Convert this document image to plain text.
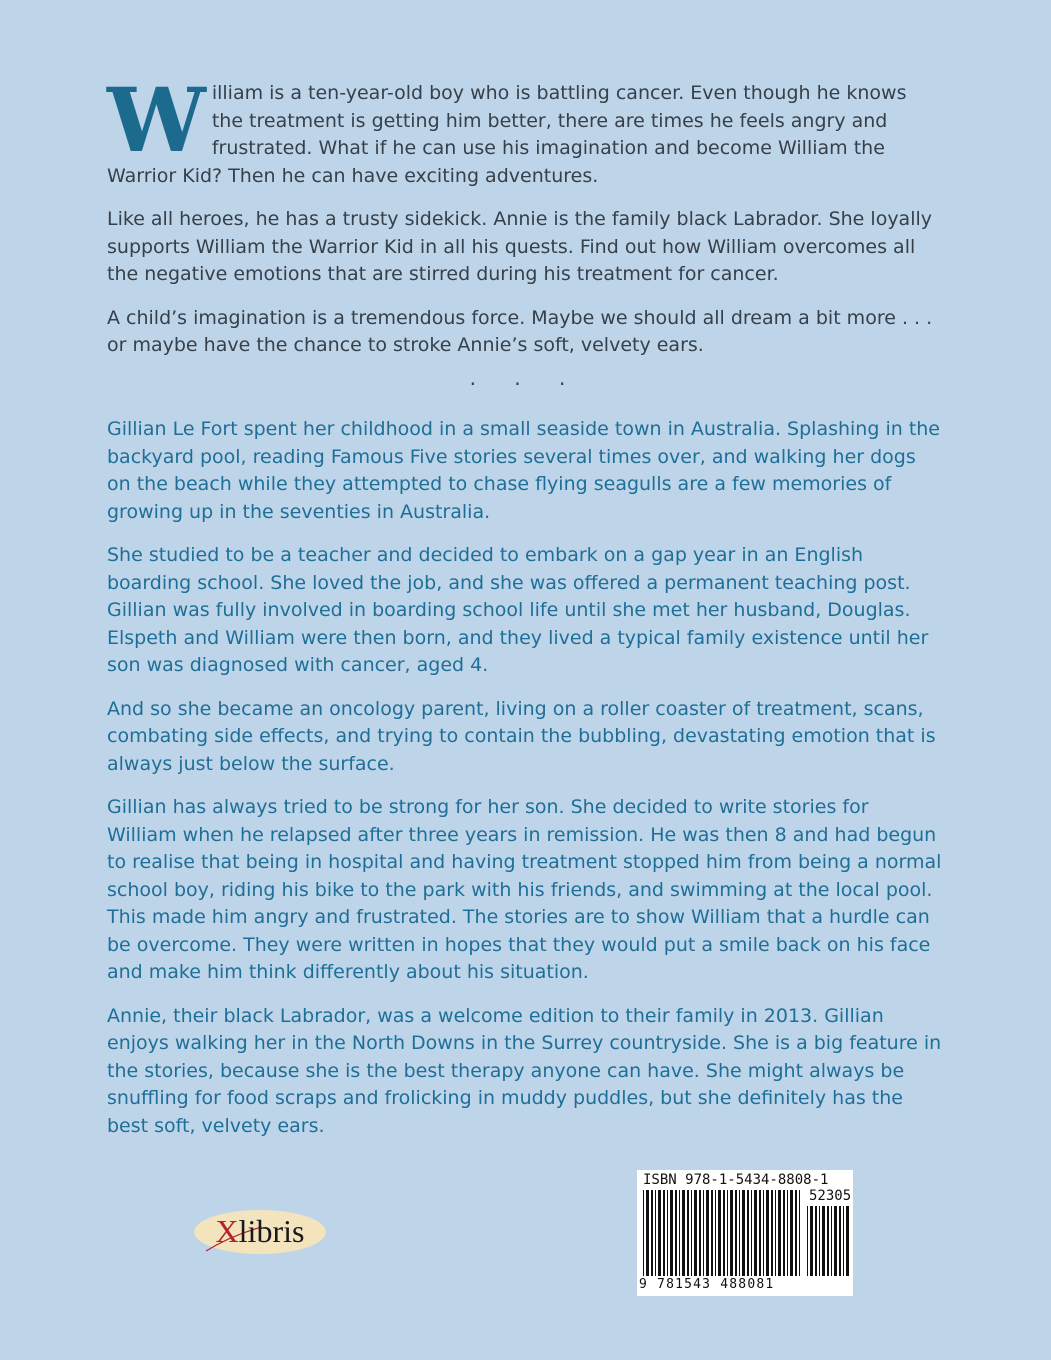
William is a ten-year-old boy who is battling cancer. Even though he knows the treatment is getting him better, there are times he feels angry and frustrated. What if he can use his imagination and become William the Warrior Kid? Then he can have exciting adventures.

Like all heroes, he has a trusty sidekick. Annie is the family black Labrador. She loyally supports William the Warrior Kid in all his quests. Find out how William overcomes all the negative emotions that are stirred during his treatment for cancer.

A child’s imagination is a tremendous force. Maybe we should all dream a bit more . . . or maybe have the chance to stroke Annie’s soft, velvety ears.

. . .

Gillian Le Fort spent her childhood in a small seaside town in Australia. Splashing in the backyard pool, reading Famous Five stories several times over, and walking her dogs on the beach while they attempted to chase flying seagulls are a few memories of growing up in the seventies in Australia.

She studied to be a teacher and decided to embark on a gap year in an English boarding school. She loved the job, and she was offered a permanent teaching post. Gillian was fully involved in boarding school life until she met her husband, Douglas. Elspeth and William were then born, and they lived a typical family existence until her son was diagnosed with cancer, aged 4.

And so she became an oncology parent, living on a roller coaster of treatment, scans, combating side effects, and trying to contain the bubbling, devastating emotion that is always just below the surface.

Gillian has always tried to be strong for her son. She decided to write stories for William when he relapsed after three years in remission. He was then 8 and had begun to realise that being in hospital and having treatment stopped him from being a normal school boy, riding his bike to the park with his friends, and swimming at the local pool. This made him angry and frustrated. The stories are to show William that a hurdle can be overcome. They were written in hopes that they would put a smile back on his face and make him think differently about his situation.

Annie, their black Labrador, was a welcome edition to their family in 2013. Gillian enjoys walking her in the North Downs in the Surrey countryside. She is a big feature in the stories, because she is the best therapy anyone can have. She might always be snuffling for food scraps and frolicking in muddy puddles, but she definitely has the best soft, velvety ears.

Xlibris
ISBN 978-1-5434-8808-1
52305
9 781543 488081
